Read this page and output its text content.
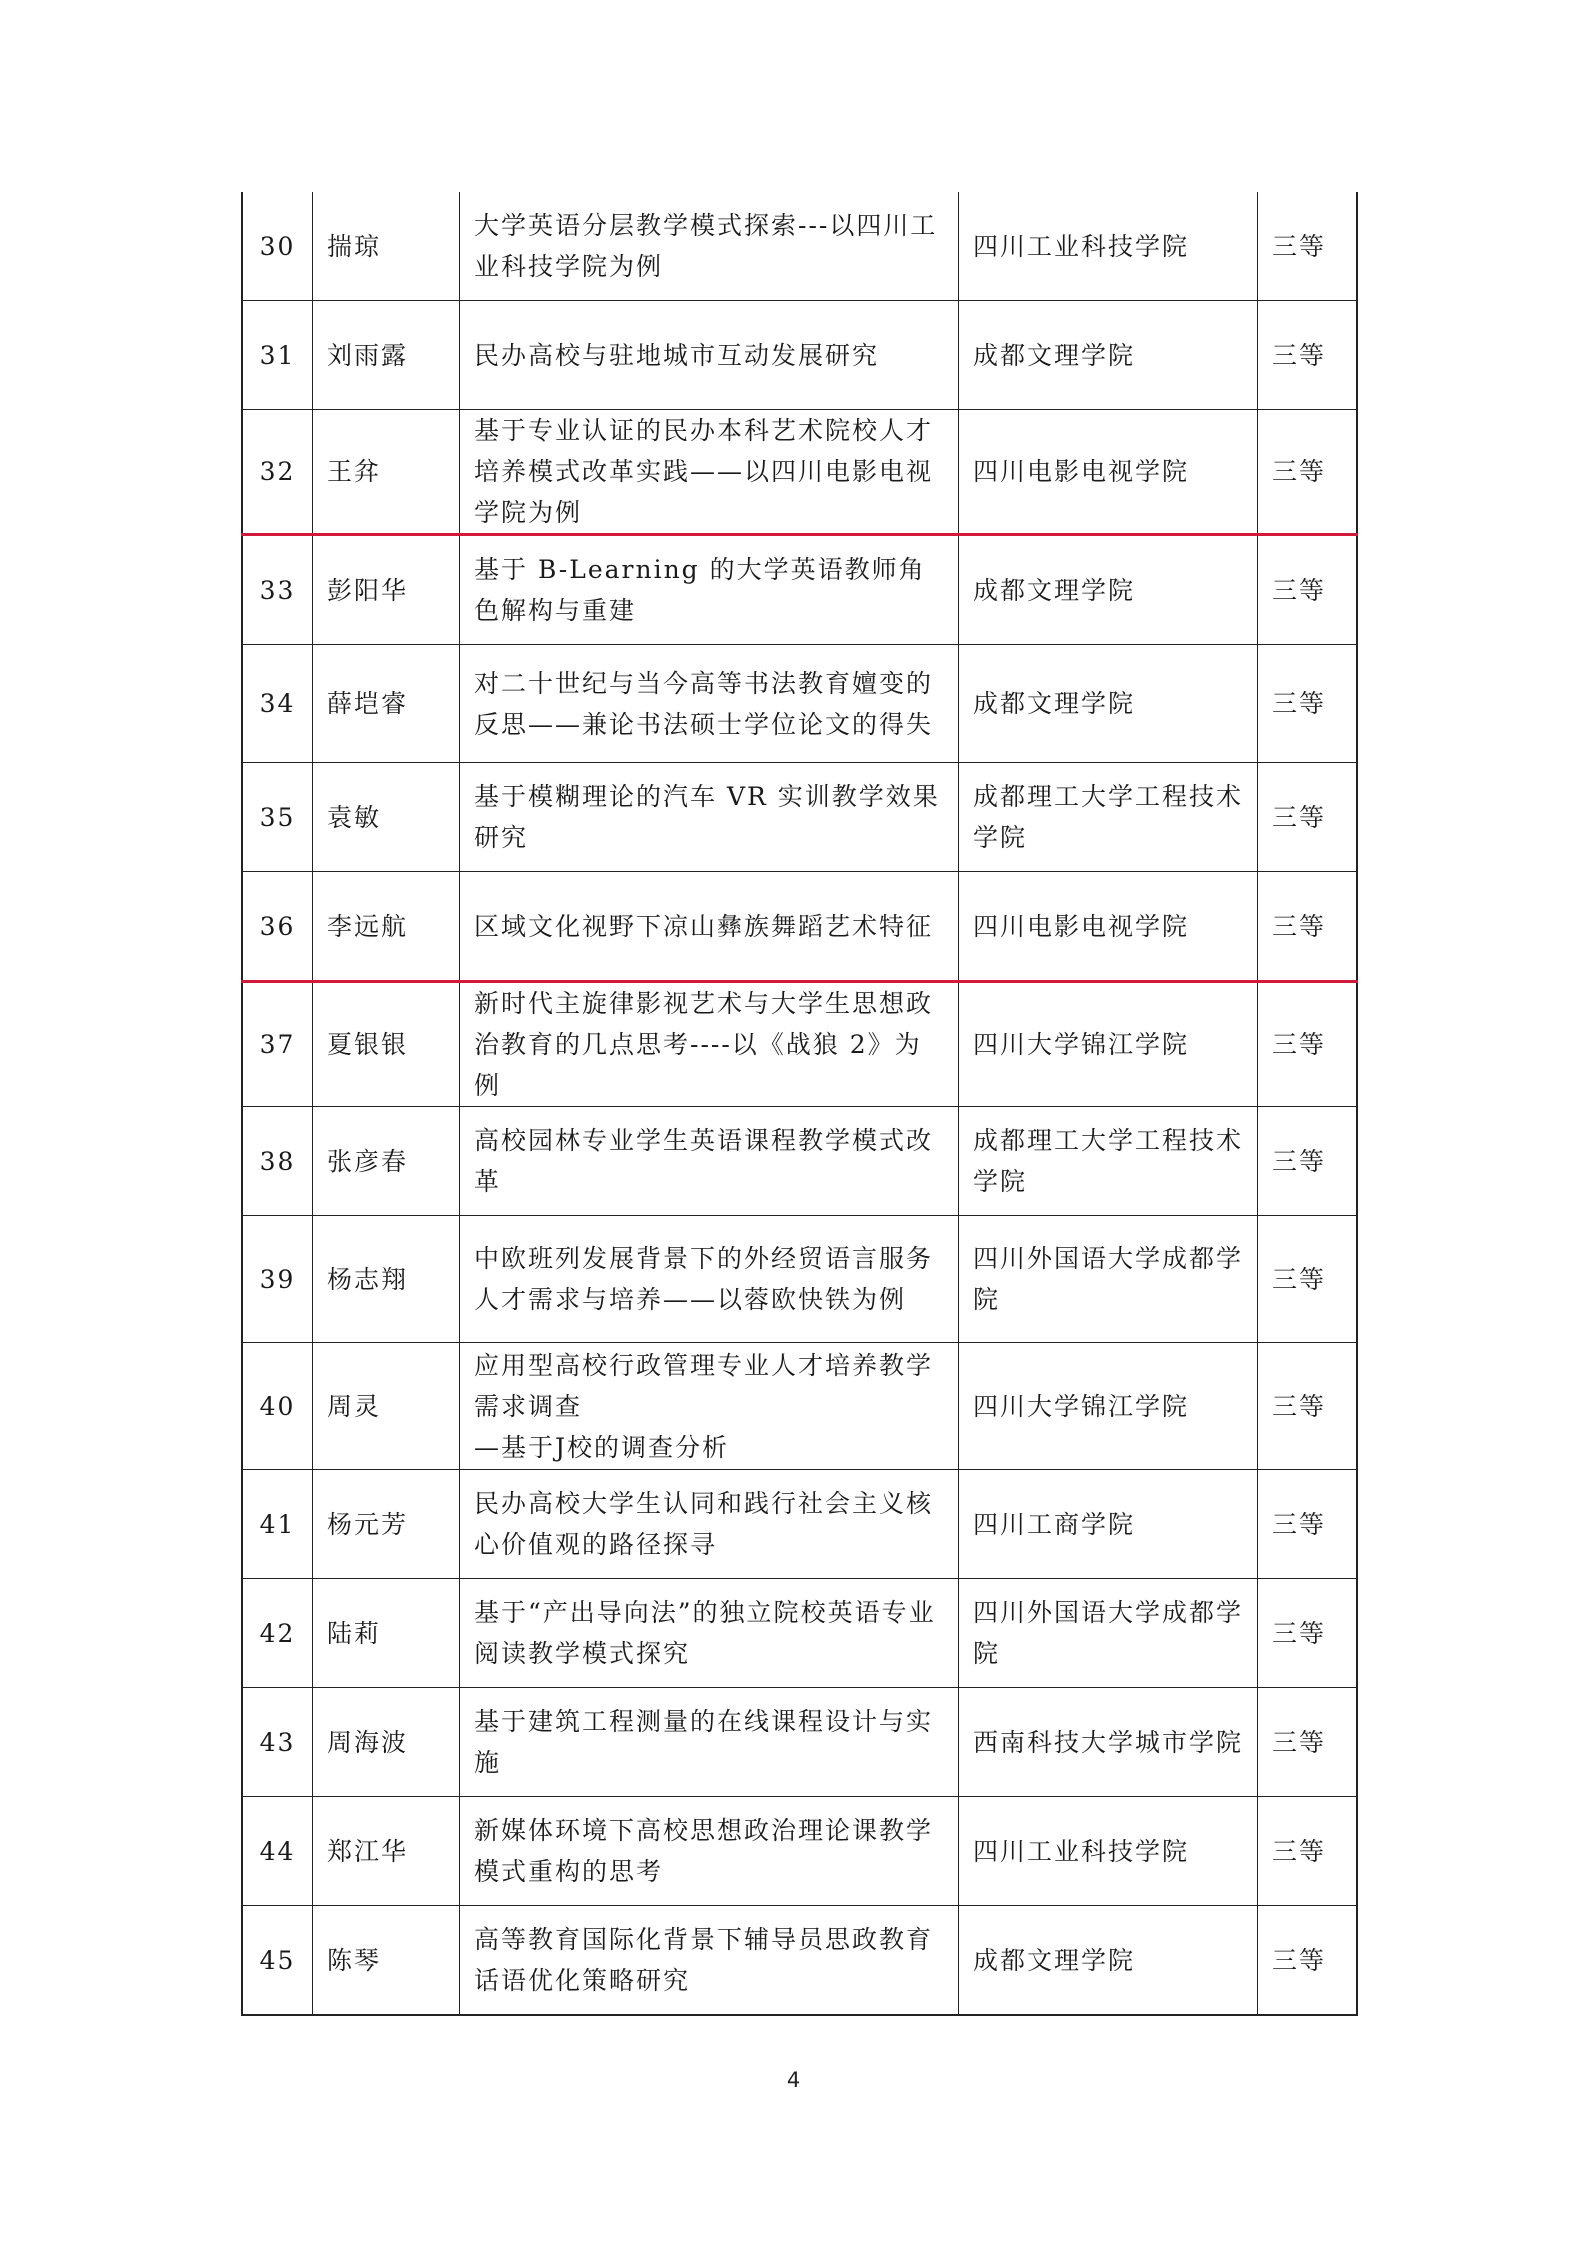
30	揣琼	大学英语分层教学模式探索---以四川工业科技学院为例	四川工业科技学院	三等
31	刘雨露	民办高校与驻地城市互动发展研究	成都文理学院	三等
32	王弅	基于专业认证的民办本科艺术院校人才培养模式改革实践——以四川电影电视学院为例	四川电影电视学院	三等
33	彭阳华	基于 B-Learning 的大学英语教师角色解构与重建	成都文理学院	三等
34	薛垲睿	对二十世纪与当今高等书法教育嬗变的反思——兼论书法硕士学位论文的得失	成都文理学院	三等
35	袁敏	基于模糊理论的汽车 VR 实训教学效果研究	成都理工大学工程技术学院	三等
36	李远航	区域文化视野下凉山彝族舞蹈艺术特征	四川电影电视学院	三等
37	夏银银	新时代主旋律影视艺术与大学生思想政治教育的几点思考----以《战狼 2》为例	四川大学锦江学院	三等
38	张彦春	高校园林专业学生英语课程教学模式改革	成都理工大学工程技术学院	三等
39	杨志翔	中欧班列发展背景下的外经贸语言服务人才需求与培养——以蓉欧快铁为例	四川外国语大学成都学院	三等
40	周灵	应用型高校行政管理专业人才培养教学需求调查
—基于J校的调查分析	四川大学锦江学院	三等
41	杨元芳	民办高校大学生认同和践行社会主义核心价值观的路径探寻	四川工商学院	三等
42	陆莉	基于“产出导向法”的独立院校英语专业阅读教学模式探究	四川外国语大学成都学院	三等
43	周海波	基于建筑工程测量的在线课程设计与实施	西南科技大学城市学院	三等
44	郑江华	新媒体环境下高校思想政治理论课教学模式重构的思考	四川工业科技学院	三等
45	陈琴	高等教育国际化背景下辅导员思政教育话语优化策略研究	成都文理学院	三等
4
